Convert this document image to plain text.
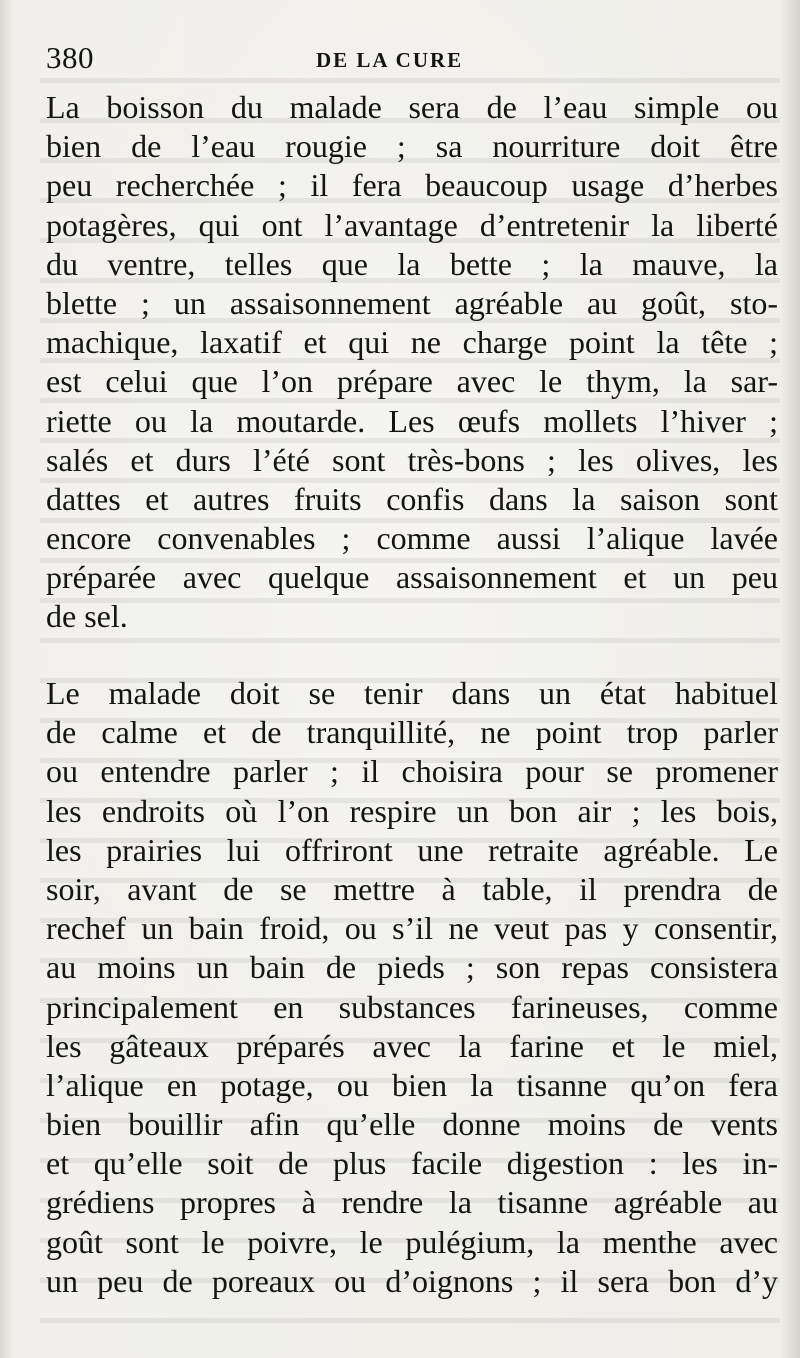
380	DE LA CURE
La boisson du malade sera de l’eau simple ou
bien de l’eau rougie ; sa nourriture doit être
peu recherchée ; il fera beaucoup usage d’herbes
potagères, qui ont l’avantage d’entretenir la liberté
du ventre, telles que la bette ; la mauve, la
blette ; un assaisonnement agréable au goût, sto-
machique, laxatif et qui ne charge point la tête ;
est celui que l’on prépare avec le thym, la sar-
riette ou la moutarde. Les œufs mollets l’hiver ;
salés et durs l’été sont très-bons ; les olives, les
dattes et autres fruits confis dans la saison sont
encore convenables ; comme aussi l’alique lavée
préparée avec quelque assaisonnement et un peu
de sel.
Le malade doit se tenir dans un état habituel
de calme et de tranquillité, ne point trop parler
ou entendre parler ; il choisira pour se promener
les endroits où l’on respire un bon air ; les bois,
les prairies lui offriront une retraite agréable. Le
soir, avant de se mettre à table, il prendra de
rechef un bain froid, ou s’il ne veut pas y consentir,
au moins un bain de pieds ; son repas consistera
principalement en substances farineuses, comme
les gâteaux préparés avec la farine et le miel,
l’alique en potage, ou bien la tisanne qu’on fera
bien bouillir afin qu’elle donne moins de vents
et qu’elle soit de plus facile digestion : les in-
grédiens propres à rendre la tisanne agréable au
goût sont le poivre, le pulégium, la menthe avec
un peu de poreaux ou d’oignons ; il sera bon d’y
